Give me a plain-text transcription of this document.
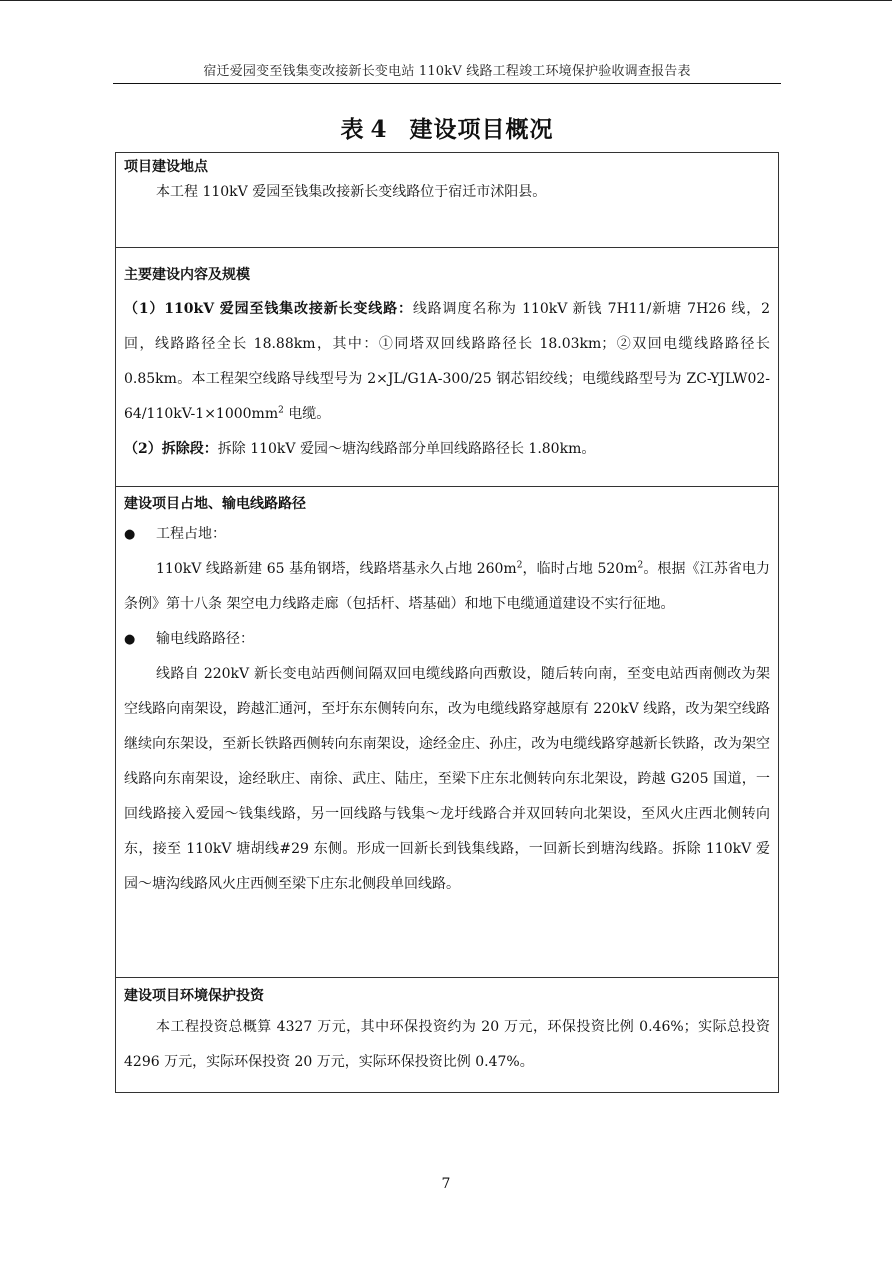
宿迁爱园变至钱集变改接新长变电站 110kV 线路工程竣工环境保护验收调查报告表
表 4 建设项目概况
项目建设地点

本工程 110kV 爱园至钱集改接新长变线路位于宿迁市沭阳县。

主要建设内容及规模

（1）110kV 爱园至钱集改接新长变线路：线路调度名称为 110kV 新钱 7H11/新塘 7H26 线，2 回，线路路径全长 18.88km，其中：①同塔双回线路路径长 18.03km；②双回电缆线路路径长 0.85km。本工程架空线路导线型号为 2×JL/G1A-300/25 钢芯铝绞线；电缆线路型号为 $ZC-YJLW02-64/110kV-1\times 1000mm^2$ 电缆。

（2）拆除段：拆除 110kV 爱园～塘沟线路部分单回线路路径长 1.80km。

建设项目占地、输电线路路径

● 工程占地：

110kV 线路新建 65 基角钢塔，线路塔基永久占地 $260m^2$，临时占地 $520m^2$。根据《江苏省电力条例》第十八条 架空电力线路走廊（包括杆、塔基础）和地下电缆通道建设不实行征地。

● 输电线路路径：

线路自 220kV 新长变电站西侧间隔双回电缆线路向西敷设，随后转向南，至变电站西南侧改为架空线路向南架设，跨越汇通河，至圩东东侧转向东，改为电缆线路穿越原有 220kV 线路，改为架空线路继续向东架设，至新长铁路西侧转向东南架设，途经金庄、孙庄，改为电缆线路穿越新长铁路，改为架空线路向东南架设，途经耿庄、南徐、武庄、陆庄，至梁下庄东北侧转向东北架设，跨越 G205 国道，一回线路接入爱园～钱集线路，另一回线路与钱集～龙圩线路合并双回转向北架设，至风火庄西北侧转向东，接至 110kV 塘胡线#29 东侧。形成一回新长到钱集线路，一回新长到塘沟线路。拆除 110kV 爱园～塘沟线路风火庄西侧至梁下庄东北侧段单回线路。

建设项目环境保护投资

本工程投资总概算 4327 万元，其中环保投资约为 20 万元，环保投资比例 0.46%；实际总投资 4296 万元，实际环保投资 20 万元，实际环保投资比例 0.47%。

7
